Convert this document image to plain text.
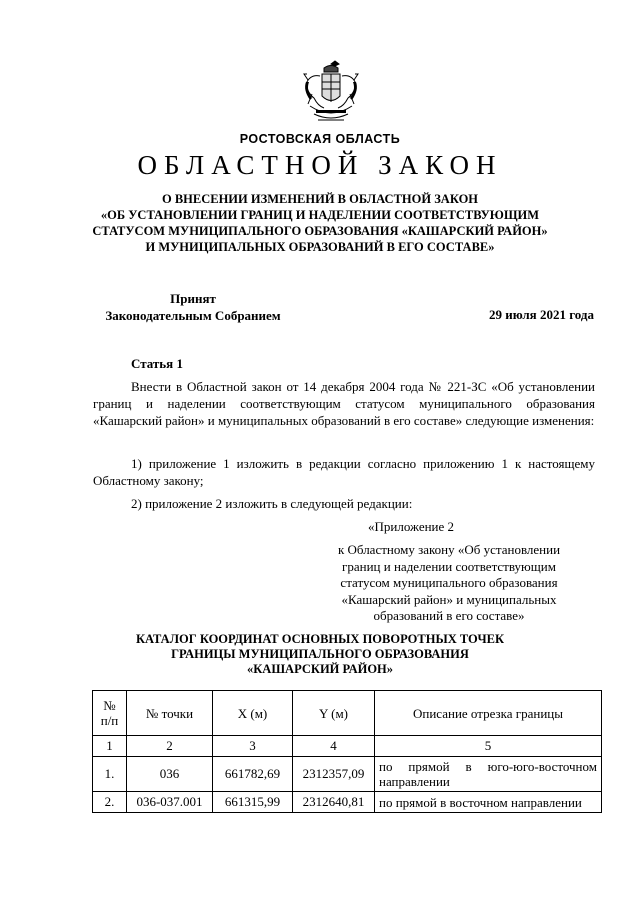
РОСТОВСКАЯ ОБЛАСТЬ
ОБЛАСТНОЙ ЗАКОН
О ВНЕСЕНИИ ИЗМЕНЕНИЙ В ОБЛАСТНОЙ ЗАКОН
«ОБ УСТАНОВЛЕНИИ ГРАНИЦ И НАДЕЛЕНИИ СООТВЕТСТВУЮЩИМ
СТАТУСОМ МУНИЦИПАЛЬНОГО ОБРАЗОВАНИЯ «КАШАРСКИЙ РАЙОН»
И МУНИЦИПАЛЬНЫХ ОБРАЗОВАНИЙ В ЕГО СОСТАВЕ»
Принят
Законодательным Собранием	29 июля 2021 года
Статья 1
Внести в Областной закон от 14 декабря 2004 года № 221-ЗС «Об установлении границ и наделении соответствующим статусом муниципального образования «Кашарский район» и муниципальных образований в его составе» следующие изменения:
1) приложение 1 изложить в редакции согласно приложению 1 к настоящему Областному закону;
2) приложение 2 изложить в следующей редакции:
«Приложение 2
к Областному закону «Об установлении
границ и наделении соответствующим
статусом муниципального образования
«Кашарский район» и муниципальных
образований в его составе»
КАТАЛОГ КООРДИНАТ ОСНОВНЫХ ПОВОРОТНЫХ ТОЧЕК
ГРАНИЦЫ МУНИЦИПАЛЬНОГО ОБРАЗОВАНИЯ
«КАШАРСКИЙ РАЙОН»
№
п/п	№ точки	X (м)	Y (м)	Описание отрезка границы
1	2	3	4	5
1.	036	661782,69	2312357,09	по прямой в юго-юго-восточном направлении
2.	036-037.001	661315,99	2312640,81	по прямой в восточном направлении
